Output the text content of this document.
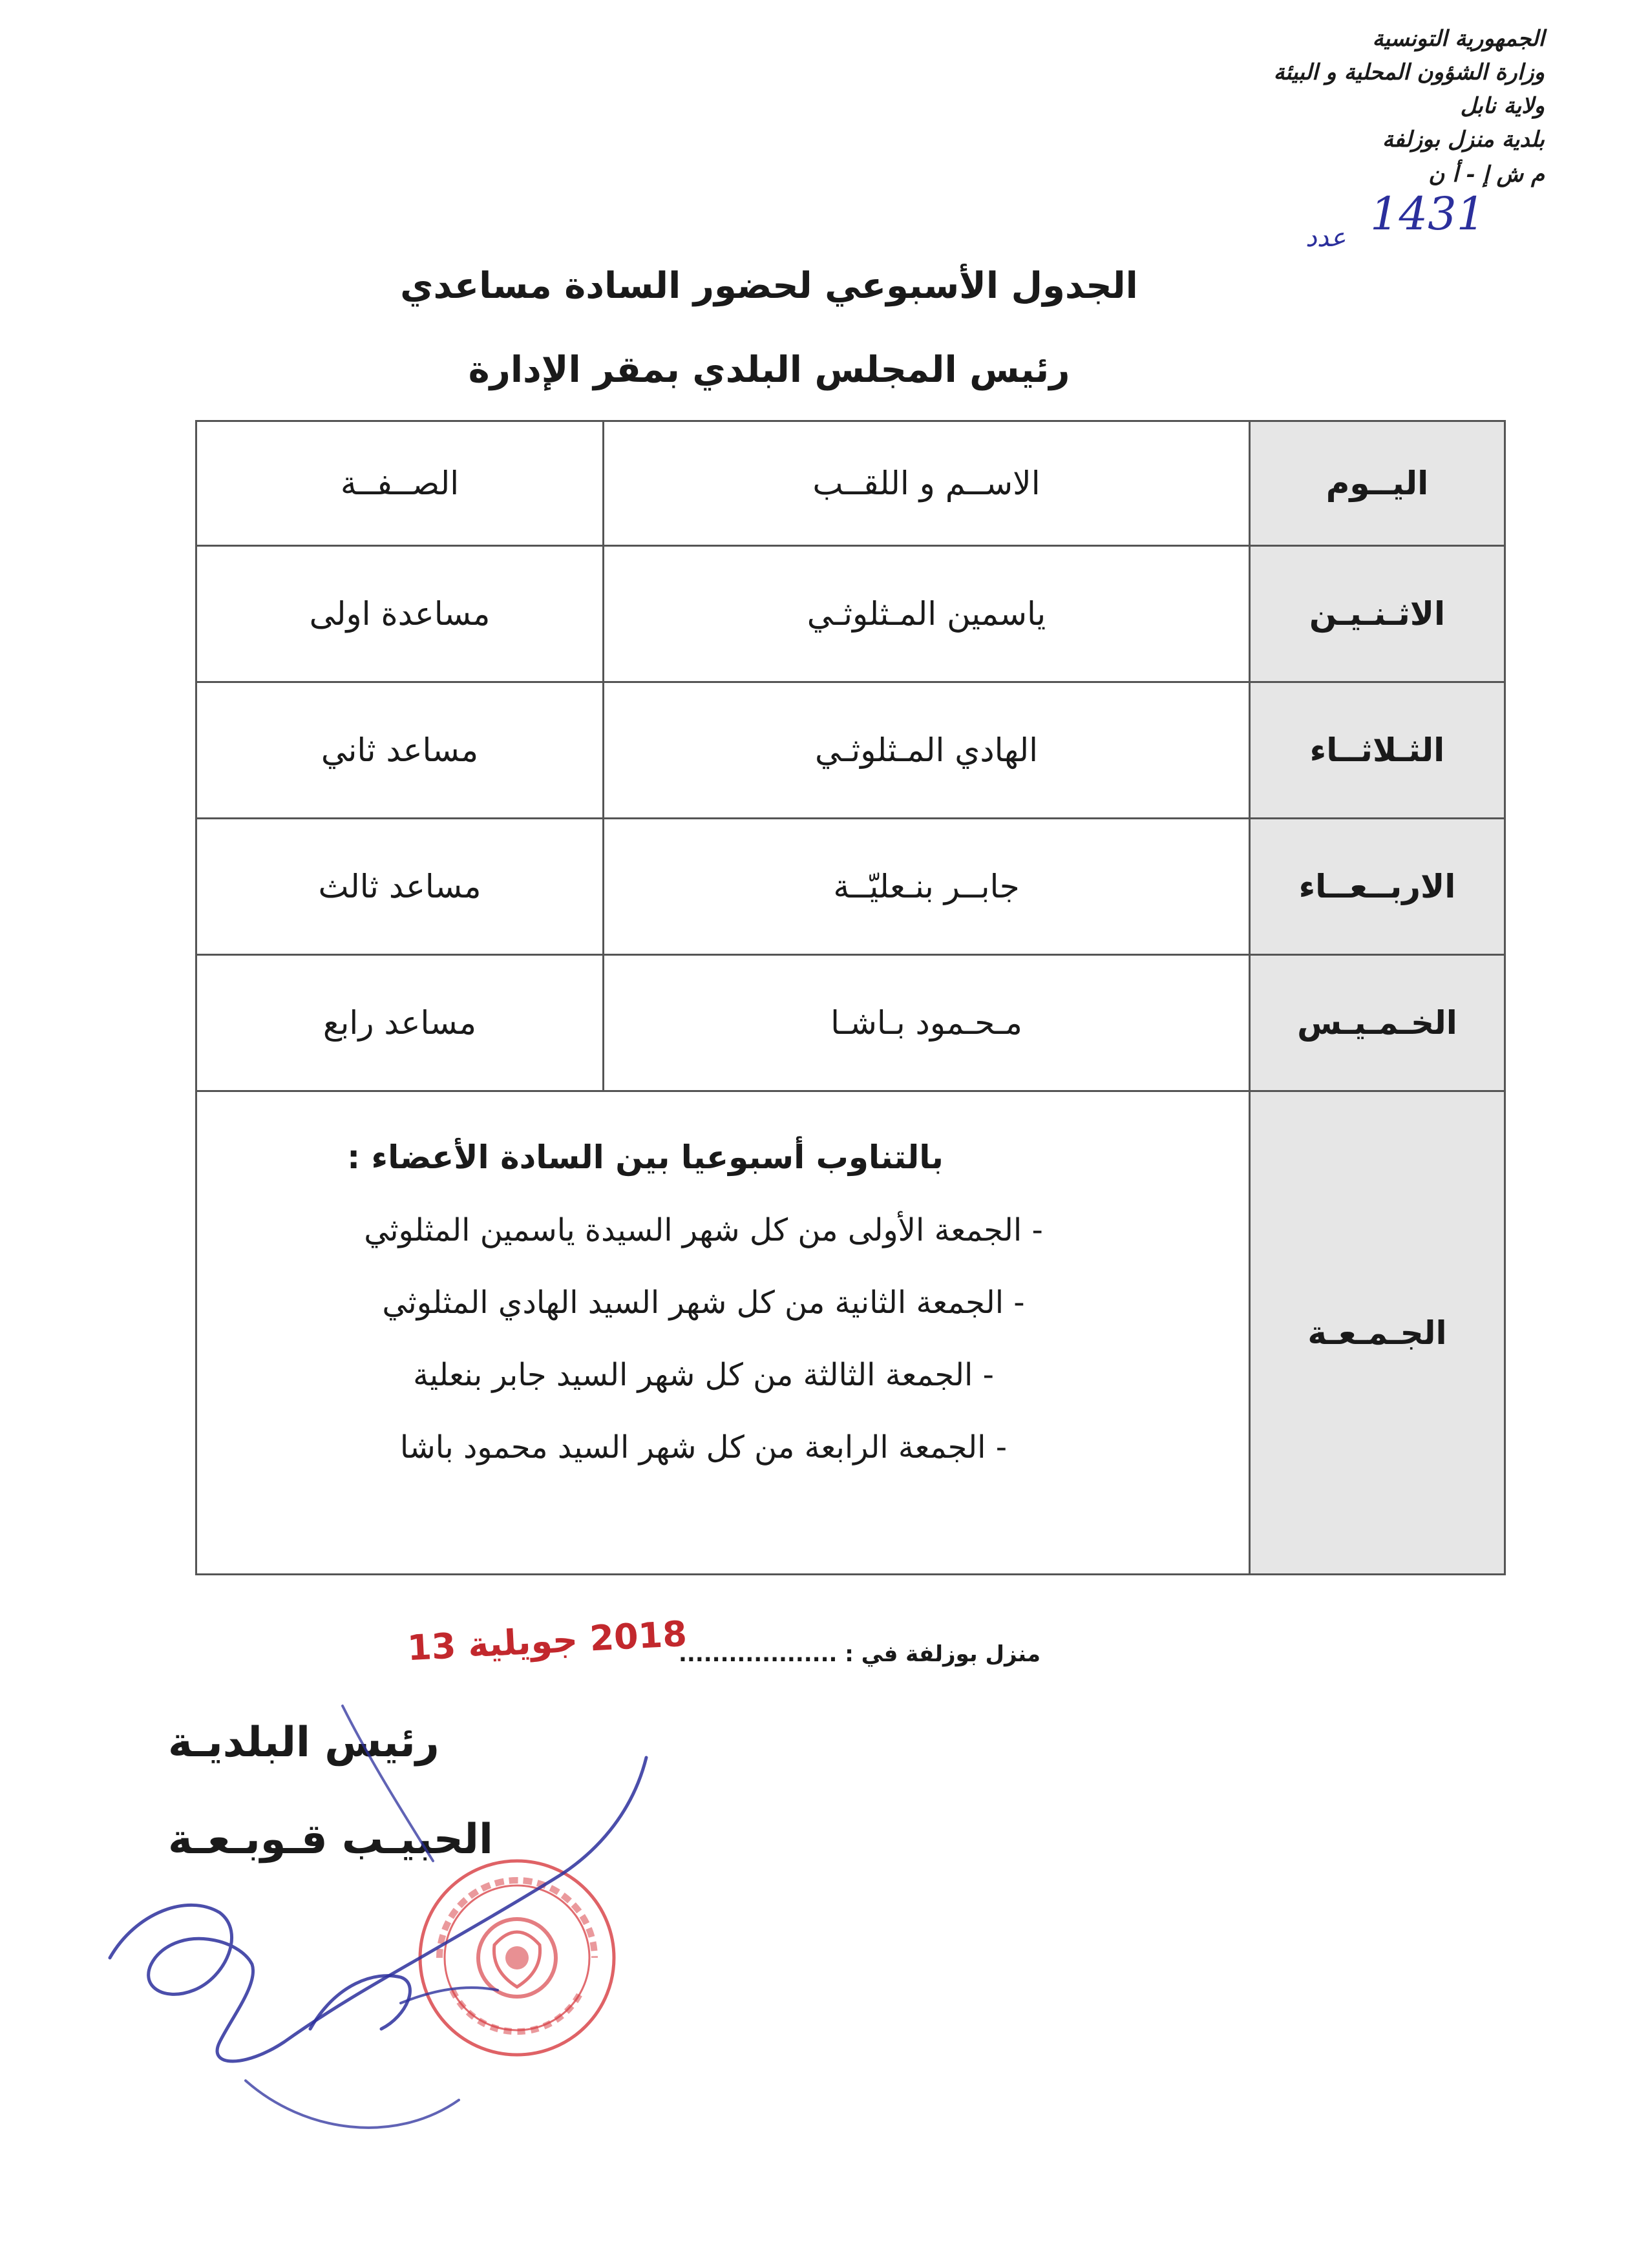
الجمهورية التونسية
وزارة الشؤون المحلية و البيئة
ولاية نابل
بلدية منزل بوزلفة
م ش إ - أ ن
عدد 1431
الجدول الأسبوعي لحضور السادة مساعدي
رئيس المجلس البلدي بمقر الإدارة
اليــوم	الاســم و اللقــب	الصــفــة
الاثـنـيـن	ياسمين المـثلوثـي	مساعدة اولى
الثـلاثــاء	الهادي المـثلوثـي	مساعد ثاني
الاربــعــاء	جابــر بنـعليّــة	مساعد ثالث
الخـمـيـس	مـحـمود بـاشـا	مساعد رابع
الجـمـعـة	بالتناوب أسبوعيا بين السادة الأعضاء :
- الجمعة الأولى من كل شهر السيدة ياسمين المثلوثي
- الجمعة الثانية من كل شهر السيد الهادي المثلوثي
- الجمعة الثالثة من كل شهر السيد جابر بنعلية
- الجمعة الرابعة من كل شهر السيد محمود باشا	
منزل بوزلفة في : ...................
2018 جويلية 13
رئيس البلديـة
الحبيـب قـوبـعـة
